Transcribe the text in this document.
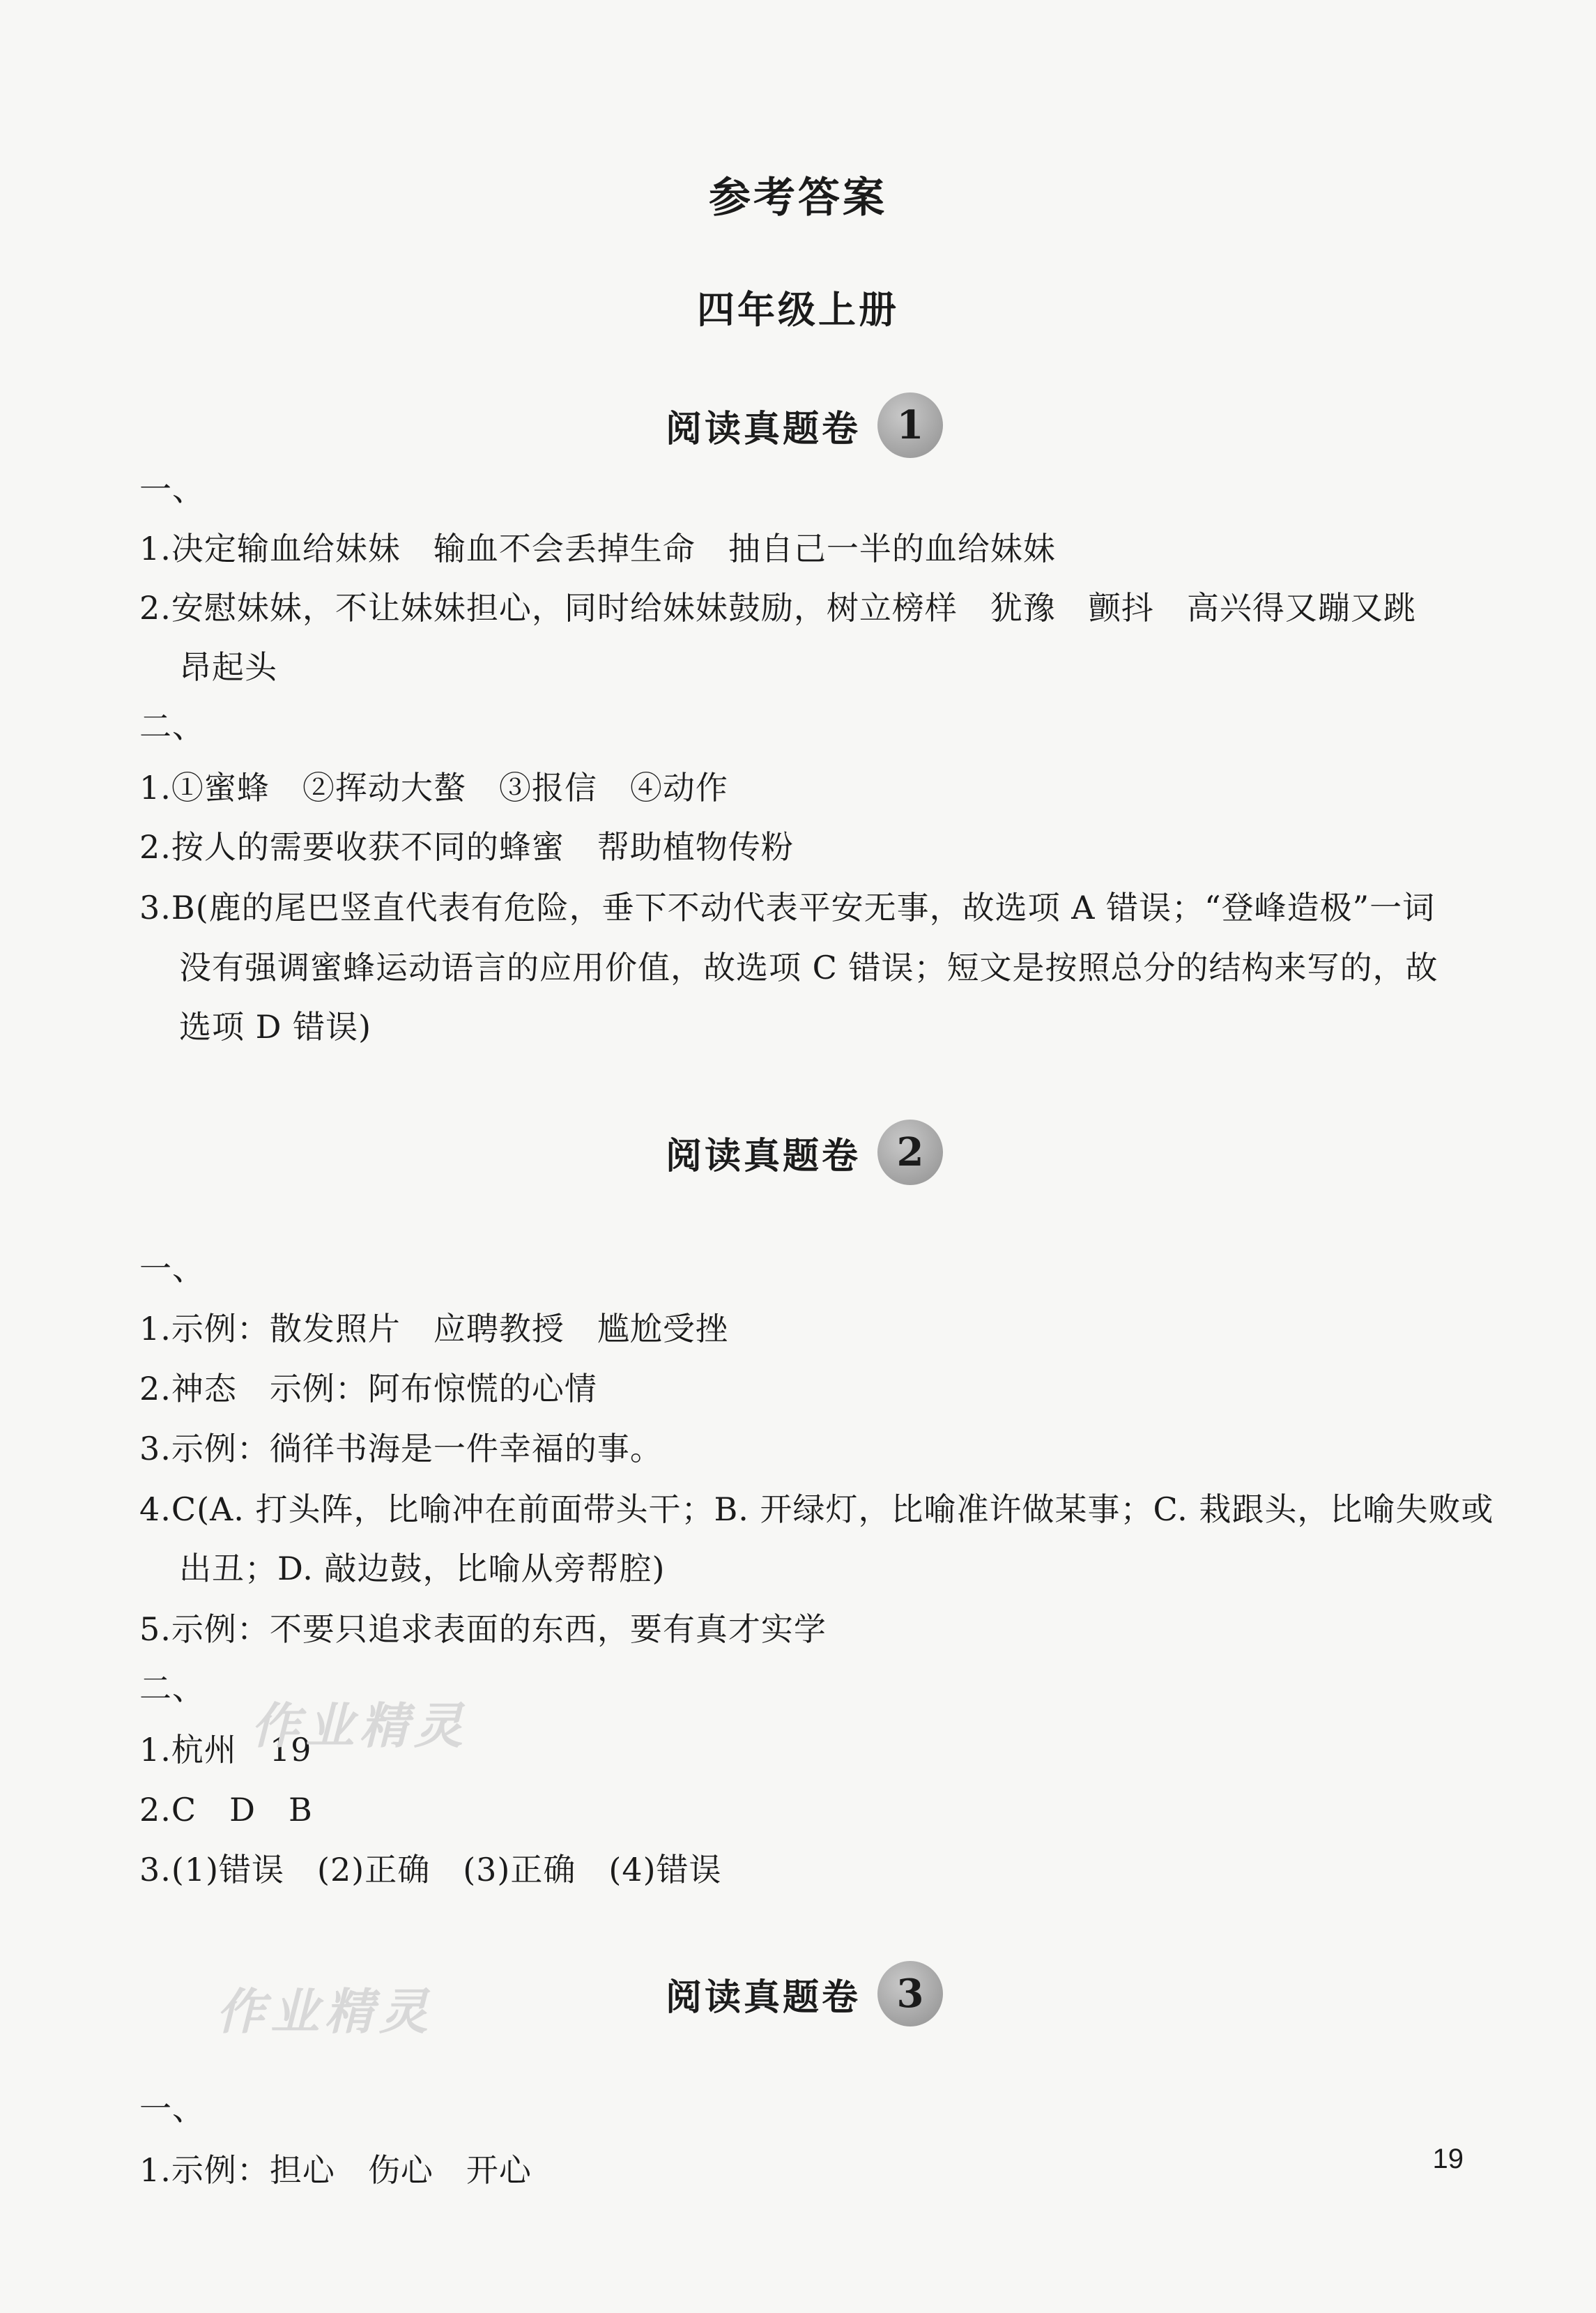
参考答案
四年级上册
阅读真题卷 1
一、
1.决定输血给妹妹　输血不会丢掉生命　抽自己一半的血给妹妹
2.安慰妹妹，不让妹妹担心，同时给妹妹鼓励，树立榜样　犹豫　颤抖　高兴得又蹦又跳
昂起头
二、
1.①蜜蜂　②挥动大螯　③报信　④动作
2.按人的需要收获不同的蜂蜜　帮助植物传粉
3.B(鹿的尾巴竖直代表有危险，垂下不动代表平安无事，故选项 A 错误；“登峰造极”一词
没有强调蜜蜂运动语言的应用价值，故选项 C 错误；短文是按照总分的结构来写的，故
选项 D 错误)
阅读真题卷 2
一、
1.示例：散发照片　应聘教授　尴尬受挫
2.神态　示例：阿布惊慌的心情
3.示例：徜徉书海是一件幸福的事。
4.C(A. 打头阵，比喻冲在前面带头干；B. 开绿灯，比喻准许做某事；C. 栽跟头，比喻失败或
出丑；D. 敲边鼓，比喻从旁帮腔)
5.示例：不要只追求表面的东西，要有真才实学
二、
1.杭州　19
2.C　D　B
3.(1)错误　(2)正确　(3)正确　(4)错误
阅读真题卷 3
一、
1.示例：担心　伤心　开心
作业精灵
作业精灵
19
